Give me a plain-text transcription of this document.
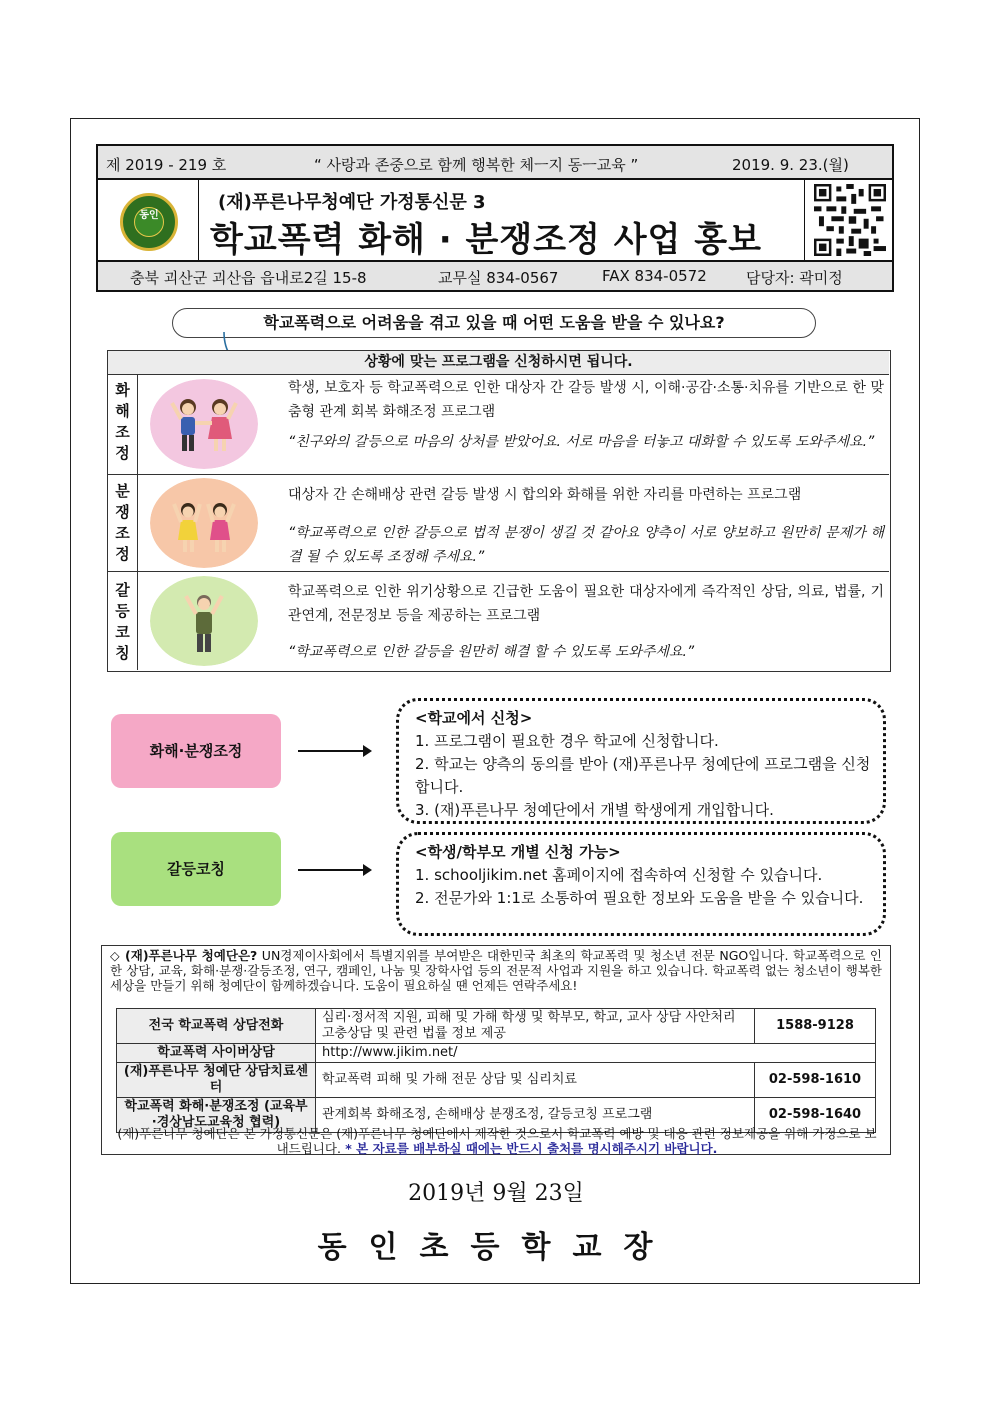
제 2019 - 219 호	“ 사랑과 존중으로 함께 행복한 체ㅡ지 동ㅡ교육 ”	2019. 9. 23.(월)
동인
(재)푸른나무청예단 가정통신문 3
학교폭력 화해 · 분쟁조정 사업 홍보
충북 괴산군 괴산읍 읍내로2길 15-8	교무실 834-0567	FAX 834-0572	담당자: 곽미정
학교폭력으로 어려움을 겪고 있을 때 어떤 도움을 받을 수 있나요?
상황에 맞는 프로그램을 신청하시면 됩니다.
화
해
조
정
학생, 보호자 등 학교폭력으로 인한 대상자 간 갈등 발생 시, 이해·공감·소통·치유를 기반으로 한 맞춤형 관계 회복 화해조정 프로그램
“친구와의 갈등으로 마음의 상처를 받았어요. 서로 마음을 터놓고 대화할 수 있도록 도와주세요.”
분
쟁
조
정
대상자 간 손해배상 관련 갈등 발생 시 합의와 화해를 위한 자리를 마련하는 프로그램
“학교폭력으로 인한 갈등으로 법적 분쟁이 생길 것 같아요 양측이 서로 양보하고 원만히 문제가 해결 될 수 있도록 조정해 주세요.”
갈
등
코
칭
학교폭력으로 인한 위기상황으로 긴급한 도움이 필요한 대상자에게 즉각적인 상담, 의료, 법률, 기관연계, 전문정보 등을 제공하는 프로그램
“학교폭력으로 인한 갈등을 원만히 해결 할 수 있도록 도와주세요.”
화해·분쟁조정
<학교에서 신청>
1. 프로그램이 필요한 경우 학교에 신청합니다.
2. 학교는 양측의 동의를 받아 (재)푸른나무 청예단에 프로그램을 신청합니다.
3. (재)푸른나무 청예단에서 개별 학생에게 개입합니다.
갈등코칭
<학생/학부모 개별 신청 가능>
1. schooljikim.net 홈페이지에 접속하여 신청할 수 있습니다.
2. 전문가와 1:1로 소통하여 필요한 정보와 도움을 받을 수 있습니다.
◇ (재)푸른나무 청예단은? UN경제이사회에서 특별지위를 부여받은 대한민국 최초의 학교폭력 및 청소년 전문 NGO입니다. 학교폭력으로 인한 상담, 교육, 화해·분쟁·갈등조정, 연구, 캠페인, 나눔 및 장학사업 등의 전문적 사업과 지원을 하고 있습니다. 학교폭력 없는 청소년이 행복한 세상을 만들기 위해 청예단이 함께하겠습니다. 도움이 필요하실 땐 언제든 연락주세요!
전국 학교폭력 상담전화	심리·정서적 지원, 피해 및 가해 학생 및 학부모, 학교, 교사 상담 사안처리 고충상담 및 관련 법률 정보 제공	1588-9128
학교폭력 사이버상담	http://www.jikim.net/	
(재)푸른나무 청예단 상담치료센터	학교폭력 피해 및 가해 전문 상담 및 심리치료	02-598-1610
학교폭력 화해·분쟁조정 (교육부·경상남도교육청 협력)	관계회복 화해조정, 손해배상 분쟁조정, 갈등코칭 프로그램	02-598-1640
(재)푸른나무 청예단은 본 가정통신문은 (재)푸른나무 청예단에서 제작한 것으로서 학교폭력 예방 및 대응 관련 정보제공을 위해 가정으로 보내드립니다. * 본 자료를 배부하실 때에는 반드시 출처를 명시해주시기 바랍니다.
2019년 9월 23일
동인초등학교장
